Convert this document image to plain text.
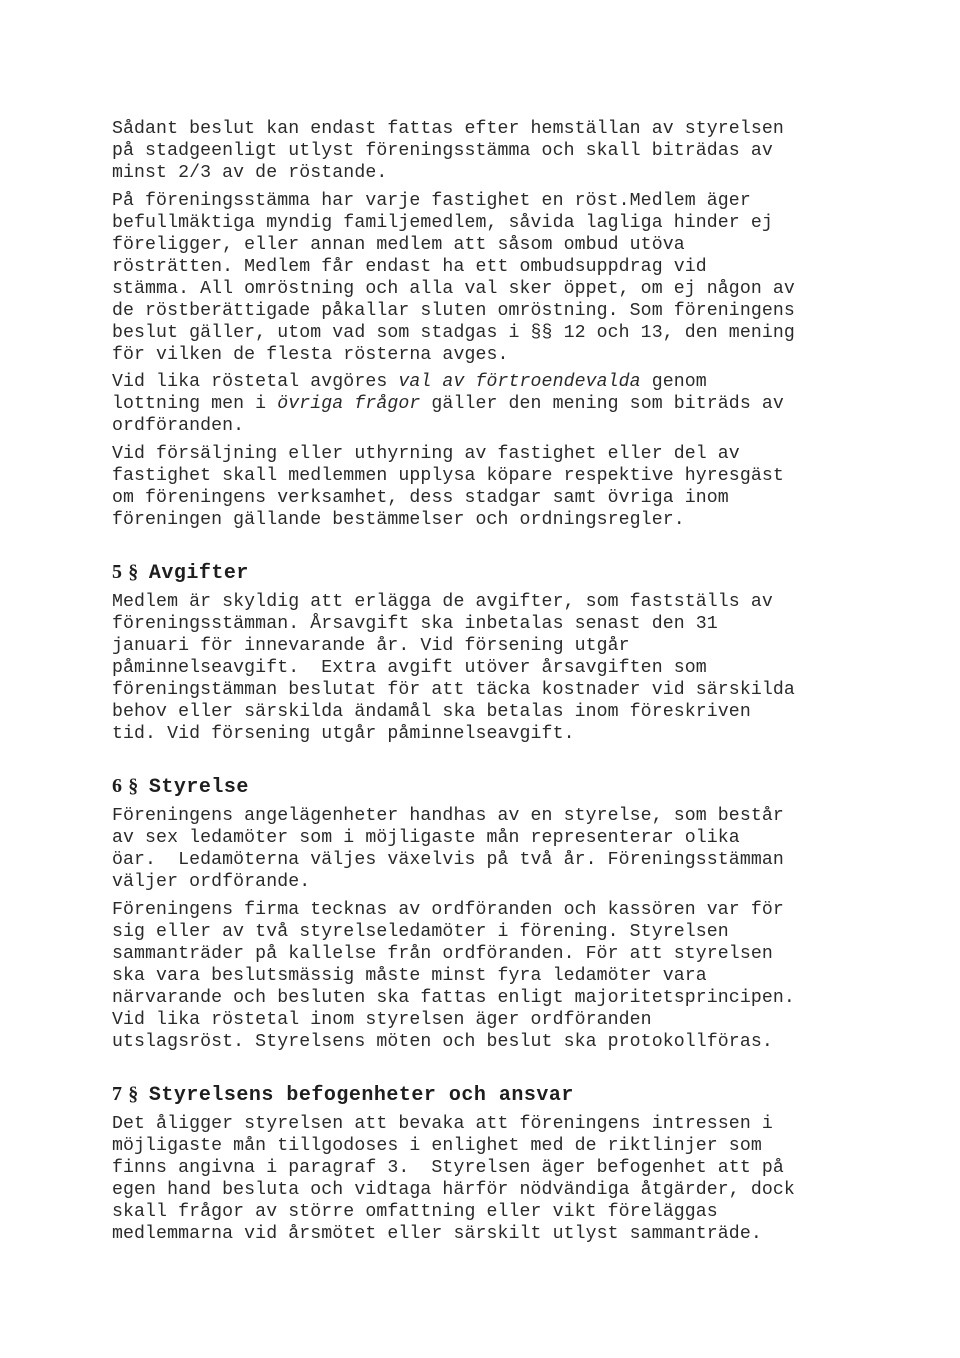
Sådant beslut kan endast fattas efter hemställan av styrelsen
på stadgeenligt utlyst föreningsstämma och skall biträdas av
minst 2/3 av de röstande.
På föreningsstämma har varje fastighet en röst.Medlem äger
befullmäktiga myndig familjemedlem, såvida lagliga hinder ej
föreligger, eller annan medlem att såsom ombud utöva
rösträtten. Medlem får endast ha ett ombudsuppdrag vid
stämma. All omröstning och alla val sker öppet, om ej någon av
de röstberättigade påkallar sluten omröstning. Som föreningens
beslut gäller, utom vad som stadgas i §§ 12 och 13, den mening
för vilken de flesta rösterna avges.
Vid lika röstetal avgöres val av förtroendevalda genom
lottning men i övriga frågor gäller den mening som biträds av
ordföranden.
Vid försäljning eller uthyrning av fastighet eller del av
fastighet skall medlemmen upplysa köpare respektive hyresgäst
om föreningens verksamhet, dess stadgar samt övriga inom
föreningen gällande bestämmelser och ordningsregler.
5 § Avgifter
Medlem är skyldig att erlägga de avgifter, som fastställs av
föreningsstämman. Årsavgift ska inbetalas senast den 31
januari för innevarande år. Vid försening utgår
påminnelseavgift.  Extra avgift utöver årsavgiften som
föreningstämman beslutat för att täcka kostnader vid särskilda
behov eller särskilda ändamål ska betalas inom föreskriven
tid. Vid försening utgår påminnelseavgift.
6 § Styrelse
Föreningens angelägenheter handhas av en styrelse, som består
av sex ledamöter som i möjligaste mån representerar olika
öar.  Ledamöterna väljes växelvis på två år. Föreningsstämman
väljer ordförande.
Föreningens firma tecknas av ordföranden och kassören var för
sig eller av två styrelseledamöter i förening. Styrelsen
sammanträder på kallelse från ordföranden. För att styrelsen
ska vara beslutsmässig måste minst fyra ledamöter vara
närvarande och besluten ska fattas enligt majoritetsprincipen.
Vid lika röstetal inom styrelsen äger ordföranden
utslagsröst. Styrelsens möten och beslut ska protokollföras.
7 § Styrelsens befogenheter och ansvar
Det åligger styrelsen att bevaka att föreningens intressen i
möjligaste mån tillgodoses i enlighet med de riktlinjer som
finns angivna i paragraf 3.  Styrelsen äger befogenhet att på
egen hand besluta och vidtaga härför nödvändiga åtgärder, dock
skall frågor av större omfattning eller vikt föreläggas
medlemmarna vid årsmötet eller särskilt utlyst sammanträde.
